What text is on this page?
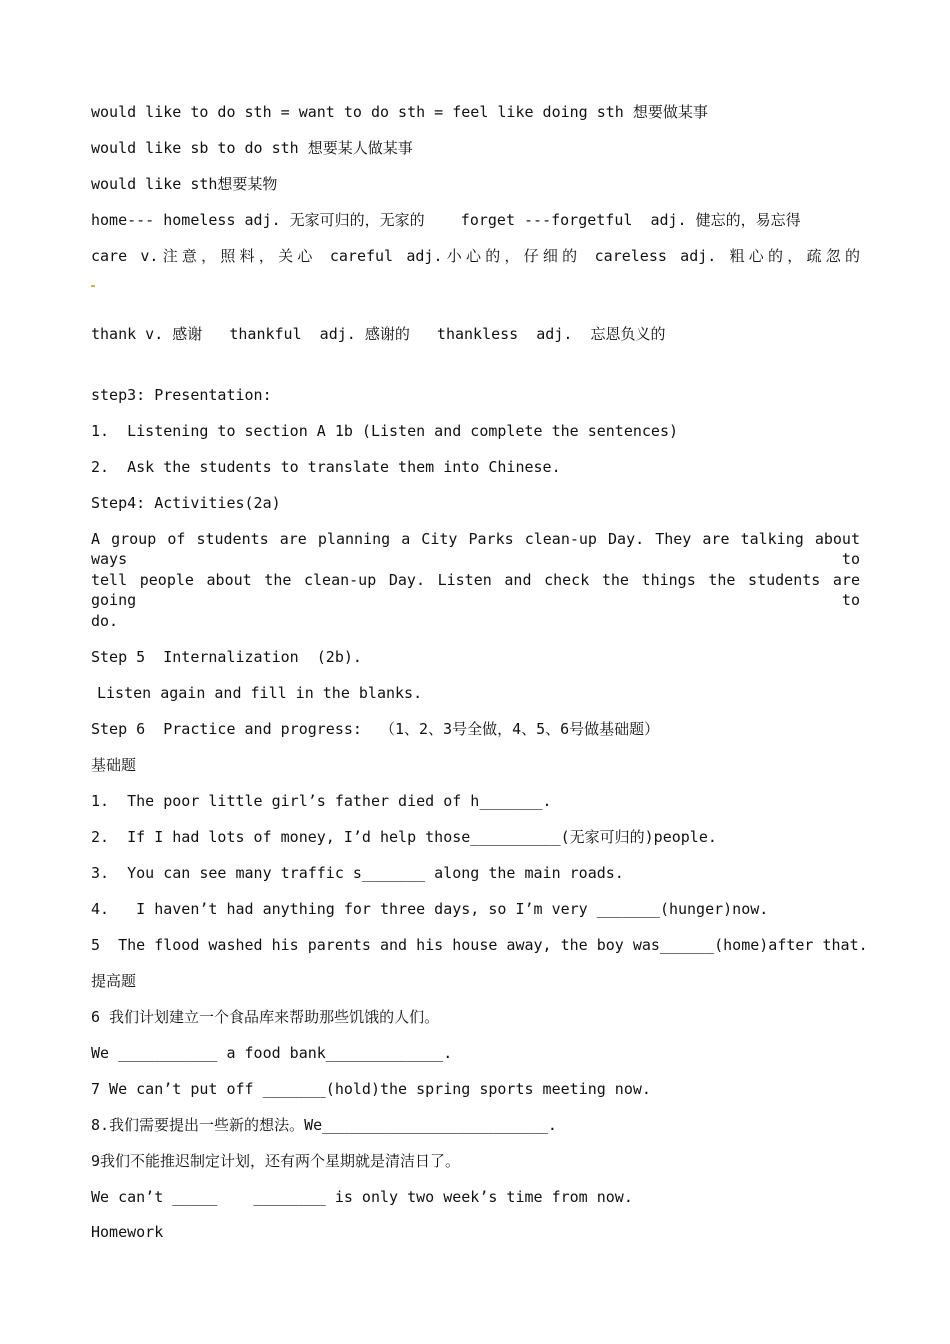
would like to do sth = want to do sth = feel like doing sth 想要做某事
would like sb to do sth 想要某人做某事
would like sth想要某物
home--- homeless adj. 无家可归的，无家的    forget ---forgetful  adj. 健忘的，易忘得
care v.注意，照料，关心 careful adj.小心的，仔细的 careless adj. 粗心的，疏忽的
thank v. 感谢   thankful  adj. 感谢的   thankless  adj.  忘恩负义的
step3: Presentation:
1.  Listening to section A 1b (Listen and complete the sentences)
2.  Ask the students to translate them into Chinese.
Step4: Activities(2a)
A group of students are planning a City Parks clean-up Day. They are talking about ways to
tell people about the clean-up Day. Listen and check the things the students are going to
do.
Step 5  Internalization  (2b).
Listen again and fill in the blanks.
Step 6  Practice and progress:  （1、2、3号全做，4、5、6号做基础题）
基础题
1.  The poor little girl’s father died of h_______.
2.  If I had lots of money, I’d help those__________(无家可归的)people.
3.  You can see many traffic s_______ along the main roads.
4.   I haven’t had anything for three days, so I’m very _______(hunger)now.
5  The flood washed his parents and his house away, the boy was______(home)after that.
提高题
6 我们计划建立一个食品库来帮助那些饥饿的人们。
We ___________ a food bank_____________.
7 We can’t put off _______(hold)the spring sports meeting now.
8.我们需要提出一些新的想法。We_________________________.
9我们不能推迟制定计划，还有两个星期就是清洁日了。
We can’t _____    ________ is only two week’s time from now.
Homework
